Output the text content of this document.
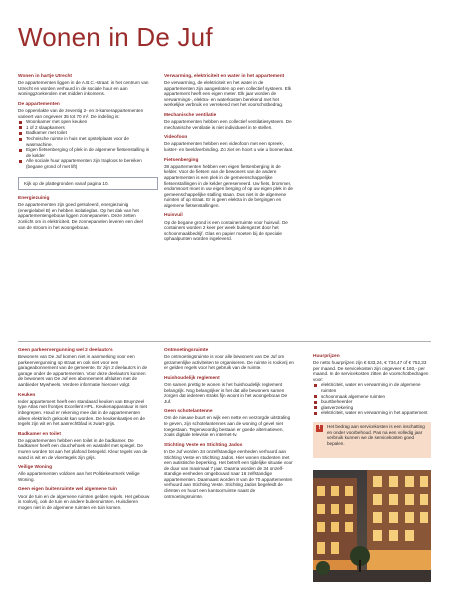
Wonen in De Juf
Wonen in hartje Utrecht

De appartementen liggen in de A.B.C.-straat: in het centrum van Utrecht en worden verhuurd in de sociale huur en aan woninggzoekenden met midden inkomens.

De appartementen

De oppervlakte van de zeventig 2- en 3-kamerappartementen varieert van ongeveer 35 tot 70 m². De indeling is:

Woonkamer met open keuken
1 of 2 slaapkamers
Badkamer met toilet
Technische ruimte in huis met opstelplaats voor de wasmachine.
Eigen fietsenberging of plek in de algemene fietsenstalling in de kelder
Alle sociale huur appartementen zijn traplоos te bereiken (begane grond of met lift)
Kijk op de plattegronden vanaf pagina 10.
Energiezuinig

De appartementen zijn goed geïsoleerd, energiezuinig (energielabel B) en hebben isolatieglas. Op het dak van het appartementengebouw liggen zonnepanelen. Deze zetten zonlicht om in elektriciteit. De zonnepanelen leveren een deel van de stroom in het woongebouw.

Verwarming, elektriciteit en water in het appartement

De verwarming, de elektriciteit en het water in de appartementen zijn aangesloten op een collectief systeem. Elk appartement heeft een eigen meter. Elk jaar worden de verwarmings-, elektra- en waterkosten berekend met het werkelijke verbruik en verrekend met het voorschotbedrag.

Mechanische ventilatie

De appartementen hebben een collectief ventilatiesysteem. De mechanische ventilatie is niet individueel in te stellen.

Videofoon

De appartementen hebben een videofoon met een spreek-, luister- en beeldverbinding. Zo ziet en hoort u wie u bonnenlaat.

Fietsenberging

38 appartementen hebben een eigen fietsenberging in de kelder. Voor de fietsen van de bewoners van de andere appartementen is een plek in de gemeenschappelijke fietsenstallingen in de kelder gereserveerd. Uw fiets, brommer, endomsoort moet in uw eigen berging of op uw eigen plek in de gemeenschappelijke stalling staan. Dus niet in de algemene ruimten of op straat. Er is geen elektra in de bergingen en algemene fietsenstallingen.

Huisvuil

Op de begane grond is een containerruimte voor huisvuil. De containers worden 2 keer per week buitengezet door het schoonmaakbedrijf. Glas en papier moeten bij de speciale ophaalpunten worden ingeleverd.

Geen parkeervergunning wel 2 deelauto's

Bewoners van De Juf komen niet in aanmerking voor een parkeervergunning op straat en ook niet voor een garageabonnement van de gemeente. Er zijn 2 deelauto's in de garage onder de appartementen. Voor deze deelauto's kunnen de bewoners van De Juf een abonnement afsluiten met de aanbieder Mywheels. Verdere informatie hierover volgt.

Keuken

Ieder appartement heeft een standaard keuken van Bruynzeel type Atlas met frontjes Excellent HPL. Keukenapparatuur is niet inbegrepen. Houd er rekening mee dat in de appartementen alleen elektrisch gekookt kan worden. De keukenkastjes en de tegels zijn wit en het aanrechtblad is zwart-grijs.

Badkamer en toilet

De appartementen hebben een toilet in de badkamer. De badkamer heeft een douchehoek en wastafel met spiegel. De muren worden tot aan het plafond betegeld. Kleur tegels van de wand is wit en de vloertegels zijn grijs.

Veilige Woning

Alle appartementen voldoen aan het Politiekeurmerk Veilige Woning.

Geen eigen buitenruimte wel algemene tuin

Voor de tuin en de algemene ruimten gelden regels. Het gebouw is rookvrij, ook de tuin en andere buitenruimten. Huisdieren mogen niet in de algemene ruimten en tuin komen.

Ontmoetingsruimte

De ontmoetingsruimte is voor alle bewoners van De Juf om gezamenlijke activiteiten te organiseren. De ruimte is rookvrij en er gelden regels voor het gebruik van de ruimte.

Huishoudelijk reglement

Om samen prettig te wonen is het huishoudelijk reglement belangrijk. Nog belangrijker is het dat alle bewoners samen zorgen dat iedereen straks fijn woont in het woongebouw De Juf.

Geen schotelantenne

Om de nieuwe buurt en wijk een nette en verzorgde uitstraling te geven, zijn schotelantennes aan de woning of gevel niet toegestaan. Tegenwoordig bestaan er goede alternatieven, zoals digitale televisie en internet-tv.

Stichting Veste en Stichting Jados

In De Juf worden 34 onzelfstandige eenheden verhuurd aan Stichting Veste en Stichting Jados. Hier wonen studenten met een autistische beperking. Het betreft een tijdelijke situatie voor de duur van maximaal 7 jaar. Daarna worden de 34 onzelfstandige eenheden omgebouwd naar 16 zelfstandige appartementen. Daarnaast worden 8 van de 70 appartementen verhuurd aan Stichting Veste. Stichting Jados begeleidt de cliënten en huurt een kantoorruimte naast de ontmoetingsruimte.

Huurprijzen

De netto huurprijzen zijn € 633,24, € 734,47 of € 752,33 per maand. De servicekosten zijn ongeveer € 160,- per maand. In de servicekosten zitten de voorschotbedragen voor:

elektriciteit, water en verwarming in de algemene ruimten
schoonmaak algemene ruimten
buurtbeheerder
glasverzekering
elektriciteit, water en verwarming in het appartement
!	Het bedrag aan servicekosten is een inschatting en onder voorbehoud. Pas na een volledig jaar verbruik kunnen we de servicekosten goed bepalen.
